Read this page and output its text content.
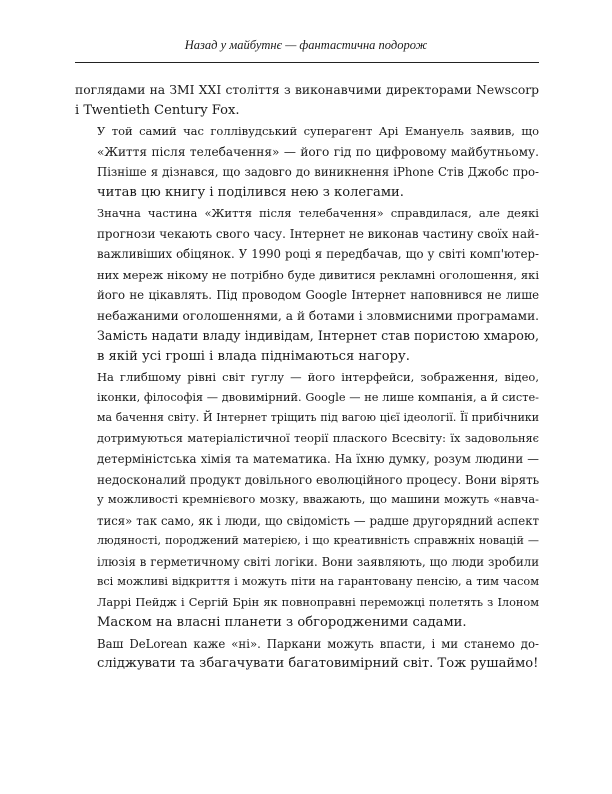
Назад у майбутнє — фантастична подорож

поглядами на ЗМІ XXI століття з виконавчими директорами Newscorp
і Twentieth Century Fox.

У той самий час голлівудський суперагент Арі Емануель заявив, що
«Життя після телебачення» — його гід по цифровому майбутньому.
Пізніше я дізнався, що задовго до виникнення iPhone Стів Джобс про-
читав цю книгу і поділився нею з колегами.

Значна частина «Життя після телебачення» справдилася, але деякі
прогнози чекають свого часу. Інтернет не виконав частину своїх най-
важливіших обіцянок. У 1990 році я передбачав, що у світі комп'ютер-
них мереж нікому не потрібно буде дивитися рекламні оголошення, які
його не цікавлять. Під проводом Google Інтернет наповнився не лише
небажаними оголошеннями, а й ботами і зловмисними програмами.
Замість надати владу індивідам, Інтернет став пористою хмарою,
в якій усі гроші і влада піднімаються нагору.

На глибшому рівні світ гуглу — його інтерфейси, зображення, відео,
іконки, філософія — двовимірний. Google — не лише компанія, а й систе-
ма бачення світу. Й Інтернет тріщить під вагою цієї ідеології. Її прибічники
дотримуються матеріалістичної теорії плаского Всесвіту: їх задовольняє
детерміністська хімія та математика. На їхню думку, розум людини —
недосконалий продукт довільного еволюційного процесу. Вони вірять
у можливості кремнієвого мозку, вважають, що машини можуть «навча-
тися» так само, як і люди, що свідомість — радше другорядний аспект
людяності, породжений матерією, і що креативність справжніх новацій —
ілюзія в герметичному світі логіки. Вони заявляють, що люди зробили
всі можливі відкриття і можуть піти на гарантовану пенсію, а тим часом
Ларрі Пейдж і Сергій Брін як повноправні переможці полетять з Ілоном
Маском на власні планети з обгородженими садами.

Ваш DeLorean каже «ні». Паркани можуть впасти, і ми станемо до-
сліджувати та збагачувати багатовимірний світ. Тож рушаймо!
